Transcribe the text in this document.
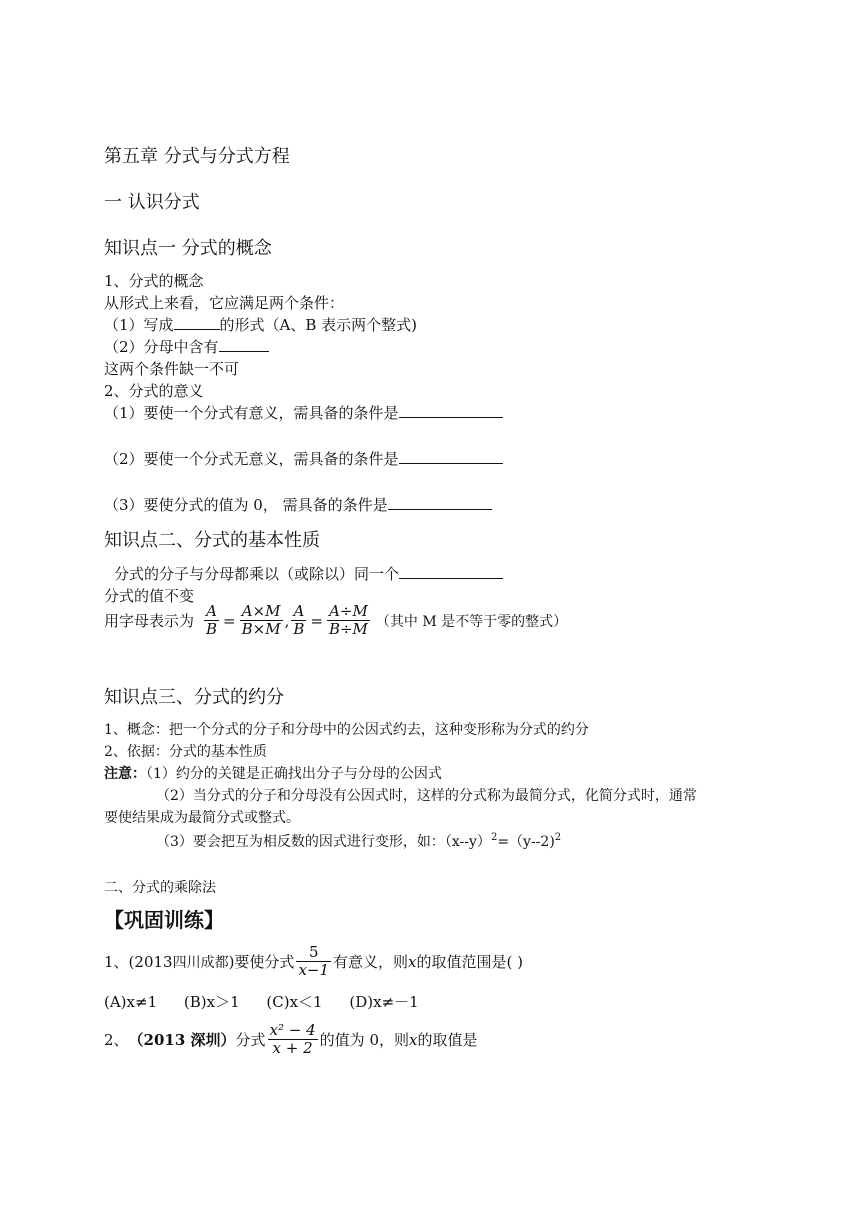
第五章 分式与分式方程
一 认识分式
知识点一 分式的概念
1、分式的概念
从形式上来看，它应满足两个条件：
（1）写成	的形式（A、B 表示两个整式)
（2）分母中含有
这两个条件缺一不可
2、分式的意义
（1）要使一个分式有意义，需具备的条件是
（2）要使一个分式无意义，需具备的条件是
（3）要使分式的值为 0， 需具备的条件是
知识点二、分式的基本性质
分式的分子与分母都乘以（或除以）同一个
分式的值不变
用字母表示为 $\frac{A}{B} = \frac{A\times M}{B\times M}$ , $\frac{A}{B} = \frac{A\div M}{B\div M}$ （其中 M 是不等于零的整式）
知识点三、分式的约分
1、概念：把一个分式的分子和分母中的公因式约去，这种变形称为分式的约分
2、依据：分式的基本性质
注意：（1）约分的关键是正确找出分子与分母的公因式
（2）当分式的分子和分母没有公因式时，这样的分式称为最简分式，化简分式时，通常
要使结果成为最简分式或整式。
（3）要会把互为相反数的因式进行变形，如：$(x--y)^2=(y--2)^2$
二、分式的乘除法
【巩固训练】
1、(2013 四川成都 )要使分式 $\frac{5}{x-1}$ 有意义，则 x 的取值范围是( )
(A)x≠1 (B)x＞1 (C)x＜1 (D)x≠－1
2、 （2013 深圳） 分式 $\frac{\text{x² − 4}}{x + 2}$ 的值为 0，则 x 的取值是
